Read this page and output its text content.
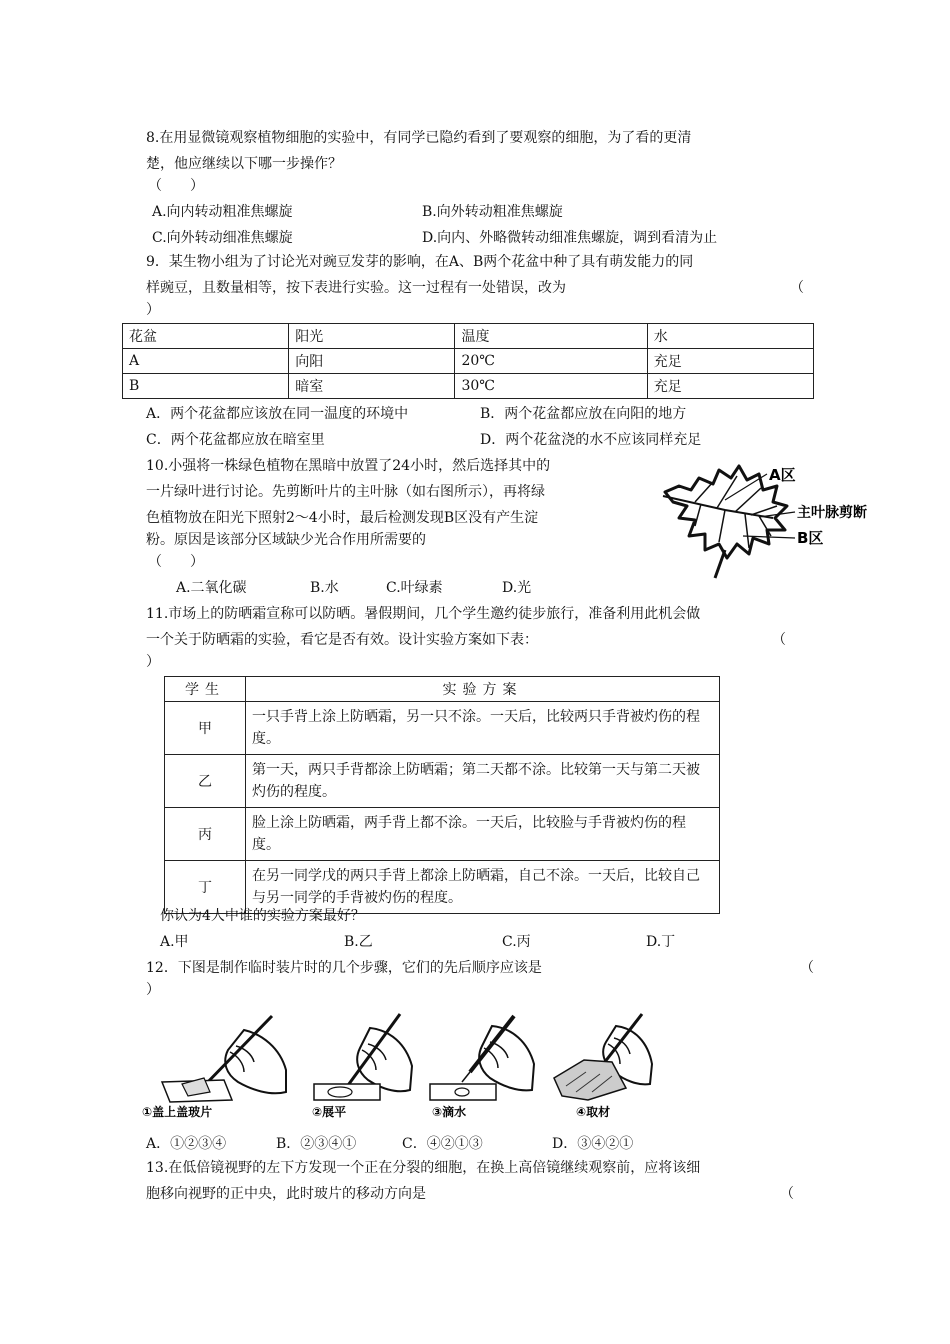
8.在用显微镜观察植物细胞的实验中，有同学已隐约看到了要观察的细胞，为了看的更清
楚，他应继续以下哪一步操作？
（　　）
A.向内转动粗准焦螺旋	B.向外转动粗准焦螺旋
C.向外转动细准焦螺旋	D.向内、外略微转动细准焦螺旋，调到看清为止
9．某生物小组为了讨论光对豌豆发芽的影响，在A、B两个花盆中种了具有萌发能力的同
样豌豆，且数量相等，按下表进行实验。这一过程有一处错误，改为	（
）
花盆	阳光	温度	水
A	向阳	20℃	充足
B	暗室	30℃	充足
A．两个花盆都应该放在同一温度的环境中	B．两个花盆都应放在向阳的地方
C．两个花盆都应放在暗室里	D．两个花盆浇的水不应该同样充足
10.小强将一株绿色植物在黑暗中放置了24小时，然后选择其中的
一片绿叶进行讨论。先剪断叶片的主叶脉（如右图所示），再将绿
色植物放在阳光下照射2～4小时，最后检测发现B区没有产生淀
粉。原因是该部分区域缺少光合作用所需要的
（　　）
A.二氧化碳	B.水	C.叶绿素	D.光
A区
主叶脉剪断
B区
11.市场上的防晒霜宣称可以防晒。暑假期间，几个学生邀约徒步旅行，准备利用此机会做
一个关于防晒霜的实验，看它是否有效。设计实验方案如下表：	（
）
学生	实验方案
甲	一只手背上涂上防晒霜，另一只不涂。一天后，比较两只手背被灼伤的程度。
乙	第一天，两只手背都涂上防晒霜；第二天都不涂。比较第一天与第二天被灼伤的程度。
丙	脸上涂上防晒霜，两手背上都不涂。一天后，比较脸与手背被灼伤的程度。
丁	在另一同学戊的两只手背上都涂上防晒霜，自己不涂。一天后，比较自己与另一同学的手背被灼伤的程度。
你认为4人中谁的实验方案最好？
A.甲	B.乙	C.丙	D.丁
12．下图是制作临时装片时的几个步骤，它们的先后顺序应该是	（
）
①盖上盖玻片	②展平	③滴水	④取材
A．①②③④	B．②③④①	C．④②①③	D．③④②①
13.在低倍镜视野的左下方发现一个正在分裂的细胞，在换上高倍镜继续观察前，应将该细
胞移向视野的正中央，此时玻片的移动方向是	（
